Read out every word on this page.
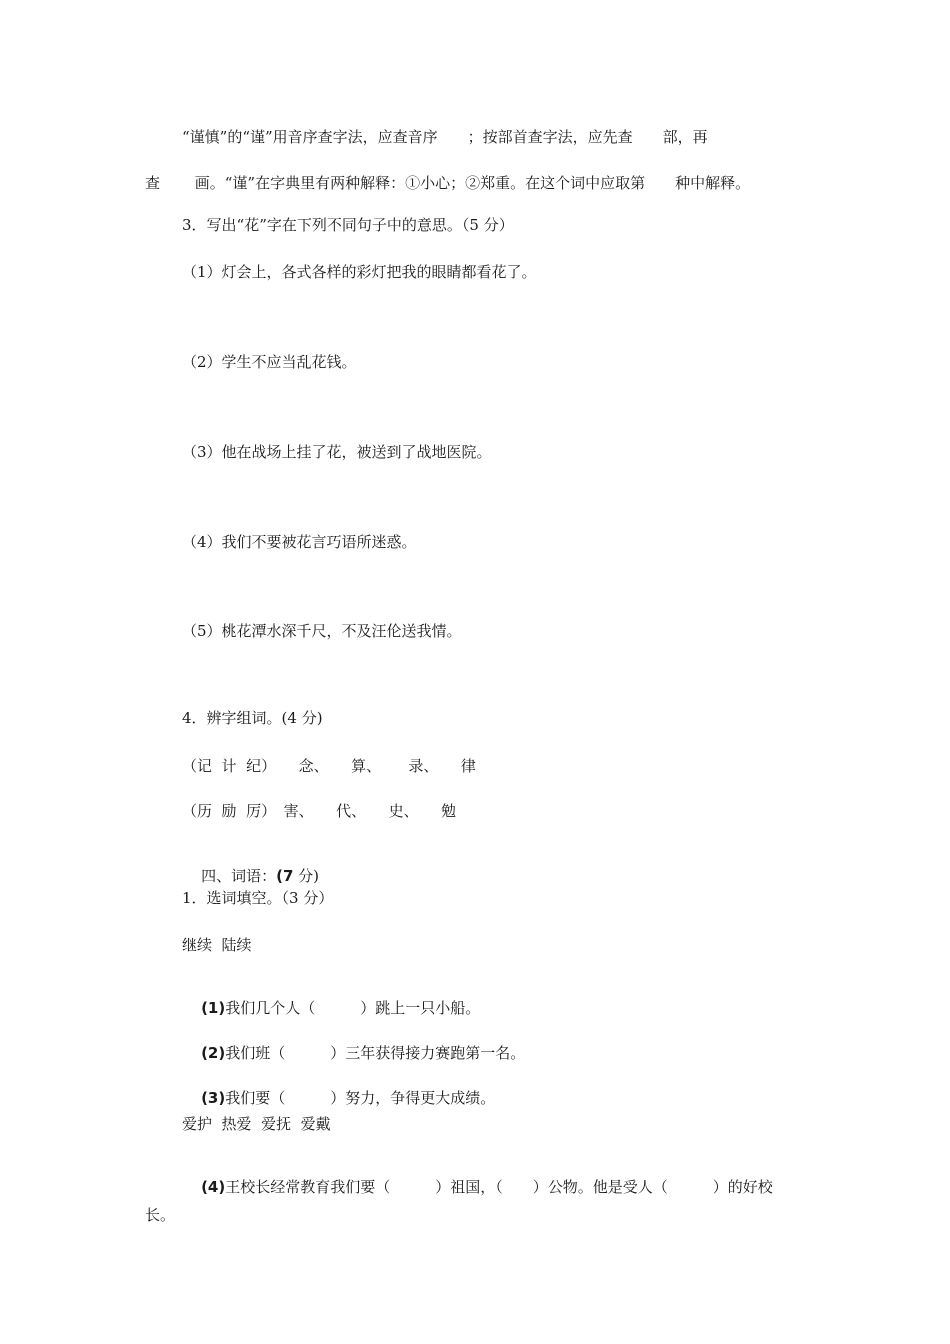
“谨慎”的“谨”用音序查字法，应查音序　　；按部首查字法，应先查　　部，再
查　　 画。“谨”在字典里有两种解释：①小心；②郑重。在这个词中应取第　　种中解释。
3．写出“花”字在下列不同句子中的意思。（5 分）
（1）灯会上，各式各样的彩灯把我的眼睛都看花了。
（2）学生不应当乱花钱。
（3）他在战场上挂了花，被送到了战地医院。
（4）我们不要被花言巧语所迷惑。
（5）桃花潭水深千尺，不及汪伦送我情。
4．辨字组词。(4 分)
（记  计  纪）　　念、　　算、　　 录、　　律
（历  励  厉）　害、　　代、　　史、　　勉

四、词语：(7 分)

1．选词填空。（3 分）
继续  陆续

(1)我们几个人（　　　）跳上一只小船。

(2)我们班（　　　）三年获得接力赛跑第一名。

(3)我们要（　　　）努力，争得更大成绩。

爱护  热爱  爱抚  爱戴

(4)王校长经常教育我们要（　　　）祖国，（　　）公物。他是受人（　　　）的好校

长。
